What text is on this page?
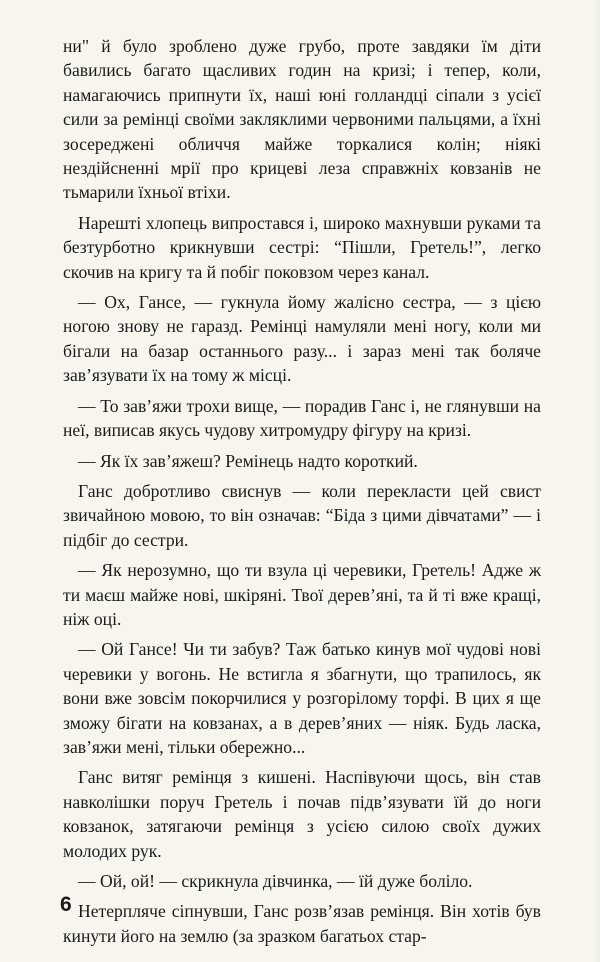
ни" й було зроблено дуже грубо, проте завдяки їм діти бавились багато щасливих годин на кризі; і тепер, коли, намагаючись припнути їх, наші юні голландці сіпали з усієї сили за ремінці своїми закляклими червоними пальцями, а їхні зосереджені обличчя майже торкалися колін; ніякі нездійсненні мрії про крицеві леза справжніх ковзанів не тьмарили їхньої втіхи.

Нарешті хлопець випростався і, широко махнувши руками та безтурботно крикнувши сестрі: “Пішли, Гретель!”, легко скочив на кригу та й побіг поковзом через канал.

— Ох, Гансе, — гукнула йому жалісно сестра, — з цією ногою знову не гаразд. Ремінці намуляли мені ногу, коли ми бігали на базар останнього разу... і зараз мені так боляче зав’язувати їх на тому ж місці.

— То зав’яжи трохи вище, — порадив Ганс і, не глянувши на неї, виписав якусь чудову хитромудру фігуру на кризі.

— Як їх зав’яжеш? Ремінець надто короткий.

Ганс добротливо свиснув — коли перекласти цей свист звичайною мовою, то він означав: “Біда з цими дівчатами” — і підбіг до сестри.

— Як нерозумно, що ти взула ці черевики, Гретель! Адже ж ти маєш майже нові, шкіряні. Твої дерев’яні, та й ті вже кращі, ніж оці.

— Ой Гансе! Чи ти забув? Таж батько кинув мої чудові нові черевики у вогонь. Не встигла я збагнути, що трапилось, як вони вже зовсім покорчилися у розгорілому торфі. В цих я ще зможу бігати на ковзанах, а в дерев’яних — ніяк. Будь ласка, зав’яжи мені, тільки обережно...

Ганс витяг ремінця з кишені. Наспівуючи щось, він став навколішки поруч Гретель і почав підв’язувати їй до ноги ковзанок, затягаючи ремінця з усією силою своїх дужих молодих рук.

— Ой, ой! — скрикнула дівчинка, — їй дуже боліло.

Нетерпляче сіпнувши, Ганс розв’язав ремінця. Він хотів був кинути його на землю (за зразком багатьох стар-

6
